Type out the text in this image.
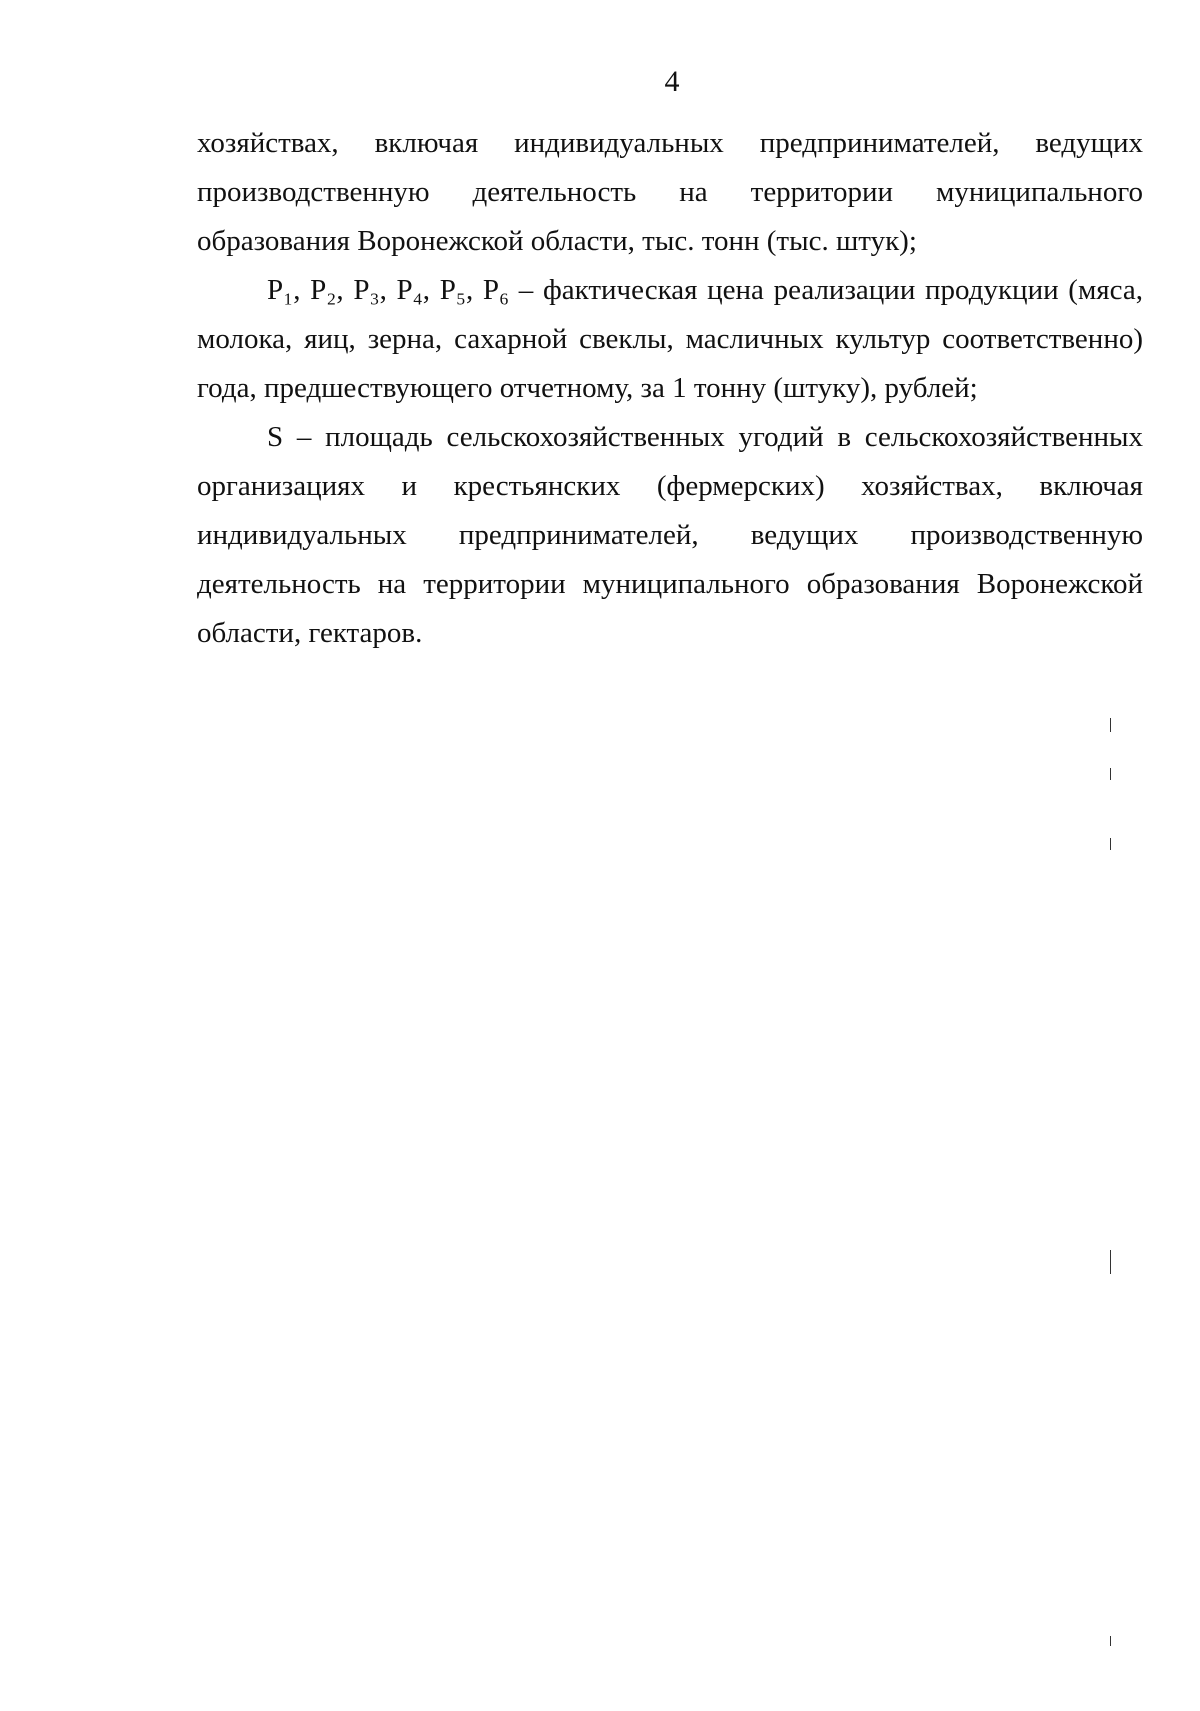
4

хозяйствах, включая индивидуальных предпринимателей, ведущих производственную деятельность на территории муниципального образования Воронежской области, тыс. тонн (тыс. штук);

P₁, P₂, P₃, P₄, P₅, P₆ – фактическая цена реализации продукции (мяса, молока, яиц, зерна, сахарной свеклы, масличных культур соответственно) года, предшествующего отчетному, за 1 тонну (штуку), рублей;

S – площадь сельскохозяйственных угодий в сельскохозяйственных организациях и крестьянских (фермерских) хозяйствах, включая индивидуальных предпринимателей, ведущих производственную деятельность на территории муниципального образования Воронежской области, гектаров.
